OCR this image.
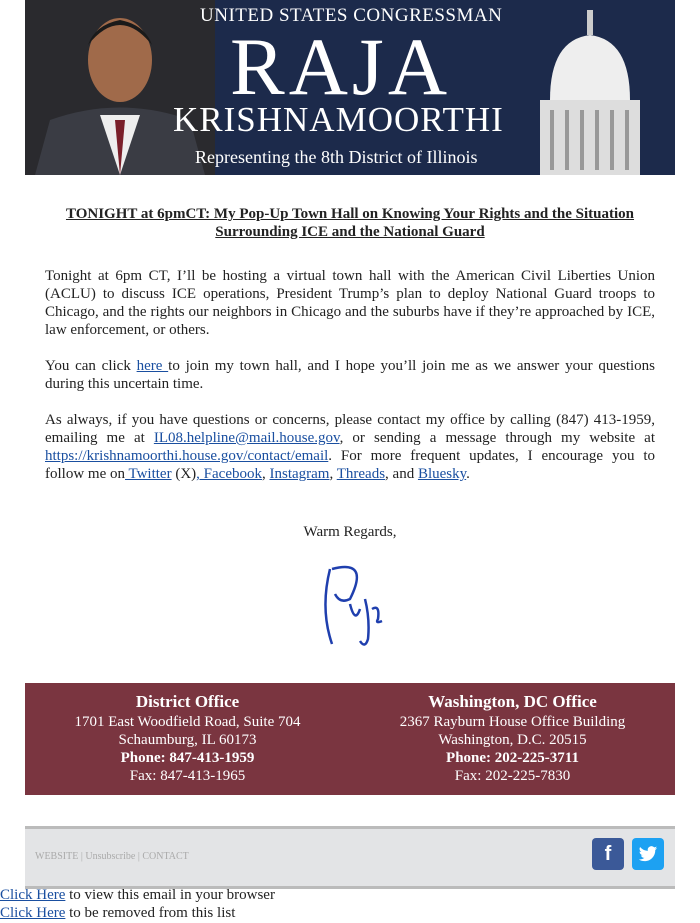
UNITED STATES CONGRESSMAN
RAJA
KRISHNAMOORTHI
Representing the 8th District of Illinois
TONIGHT at 6pmCT: My Pop-Up Town Hall on Knowing Your Rights and the Situation Surrounding ICE and the National Guard

Tonight at 6pm CT, I’ll be hosting a virtual town hall with the American Civil Liberties Union (ACLU) to discuss ICE operations, President Trump’s plan to deploy National Guard troops to Chicago, and the rights our neighbors in Chicago and the suburbs have if they’re approached by ICE, law enforcement, or others.

You can click here to join my town hall, and I hope you’ll join me as we answer your questions during this uncertain time.

As always, if you have questions or concerns, please contact my office by calling (847) 413-1959, emailing me at IL08.helpline@mail.house.gov, or sending a message through my website at https://krishnamoorthi.house.gov/contact/email. For more frequent updates, I encourage you to follow me on Twitter (X), Facebook, Instagram, Threads, and Bluesky.

Warm Regards,
District Office
1701 East Woodfield Road, Suite 704
Schaumburg, IL 60173
Phone: 847-413-1959
Fax: 847-413-1965
Washington, DC Office
2367 Rayburn House Office Building
Washington, D.C. 20515
Phone: 202-225-3711
Fax: 202-225-7830
WEBSITE | Unsubscribe | CONTACT	f
Click Here to view this email in your browser
Click Here to be removed from this list
